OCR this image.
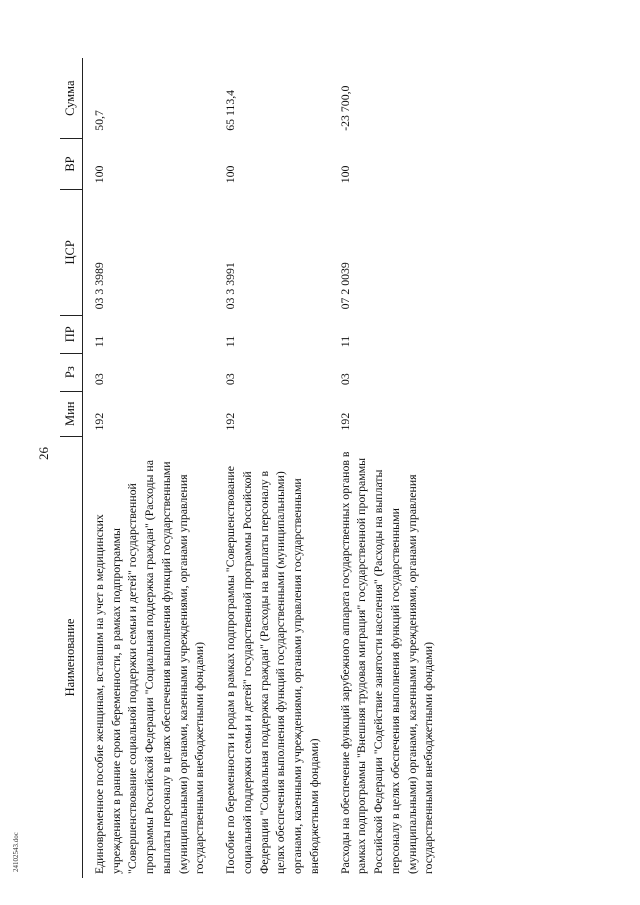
26
Наименование	Мин	Рз	ПР	ЦСР	ВР	Сумма
Единовременное пособие женщинам, вставшим на учет в медицинских учреждениях в ранние сроки беременности, в рамках подпрограммы "Совершенствование социальной поддержки семьи и детей" государственной программы Российской Федерации "Социальная поддержка граждан" (Расходы на выплаты персоналу в целях обеспечения выполнения функций государственными (муниципальными) органами, казенными учреждениями, органами управления государственными внебюджетными фондами)	192	03	11	03 3 3989	100	50,7
Пособие по беременности и родам в рамках подпрограммы "Совершенствование социальной поддержки семьи и детей" государственной программы Российской Федерации "Социальная поддержка граждан" (Расходы на выплаты персоналу в целях обеспечения выполнения функций государственными (муниципальными) органами, казенными учреждениями, органами управления государственными внебюджетными фондами)	192	03	11	03 3 3991	100	65 113,4
Расходы на обеспечение функций зарубежного аппарата государственных органов в рамках подпрограммы "Внешняя трудовая миграция" государственной программы Российской Федерации "Содействие занятости населения" (Расходы на выплаты персоналу в целях обеспечения выполнения функций государственными (муниципальными) органами, казенными учреждениями, органами управления государственными внебюджетными фондами)	192	03	11	07 2 0039	100	-23 700,0
24102543.doc
